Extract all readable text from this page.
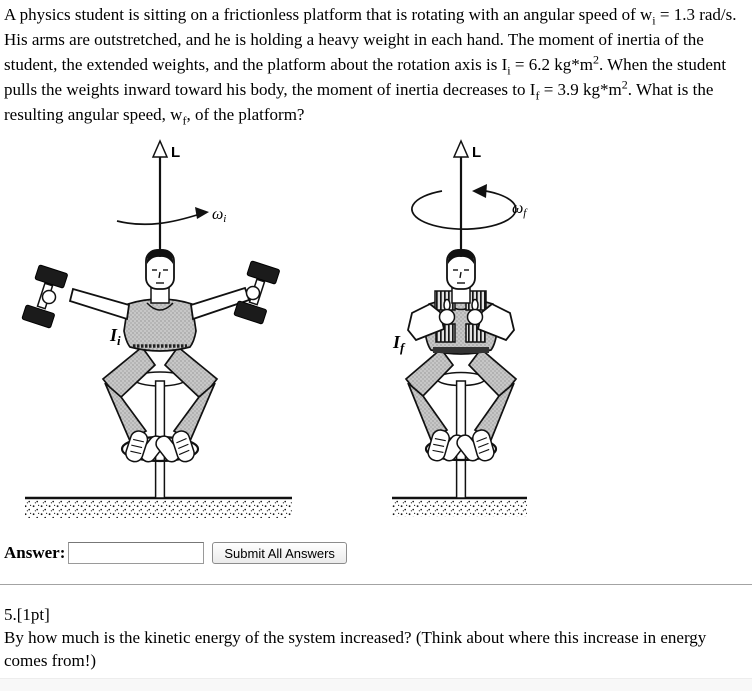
A physics student is sitting on a frictionless platform that is rotating with an angular speed of $w_i = 1.3$ rad/s. His arms are outstretched, and he is holding a heavy weight in each hand. The moment of inertia of the student, the extended weights, and the platform about the rotation axis is $I_i = 6.2$ $kg*m^2$. When the student pulls the weights inward toward his body, the moment of inertia decreases to $I_f = 3.9$ $kg*m^2$. What is the resulting angular speed, $w_f$, of the platform?

L
ωi
$I_i$
L
ωf
$I_f$
Answer:	Submit All Answers
5.[1pt]
By how much is the kinetic energy of the system increased? (Think about where this increase in energy comes from!)
